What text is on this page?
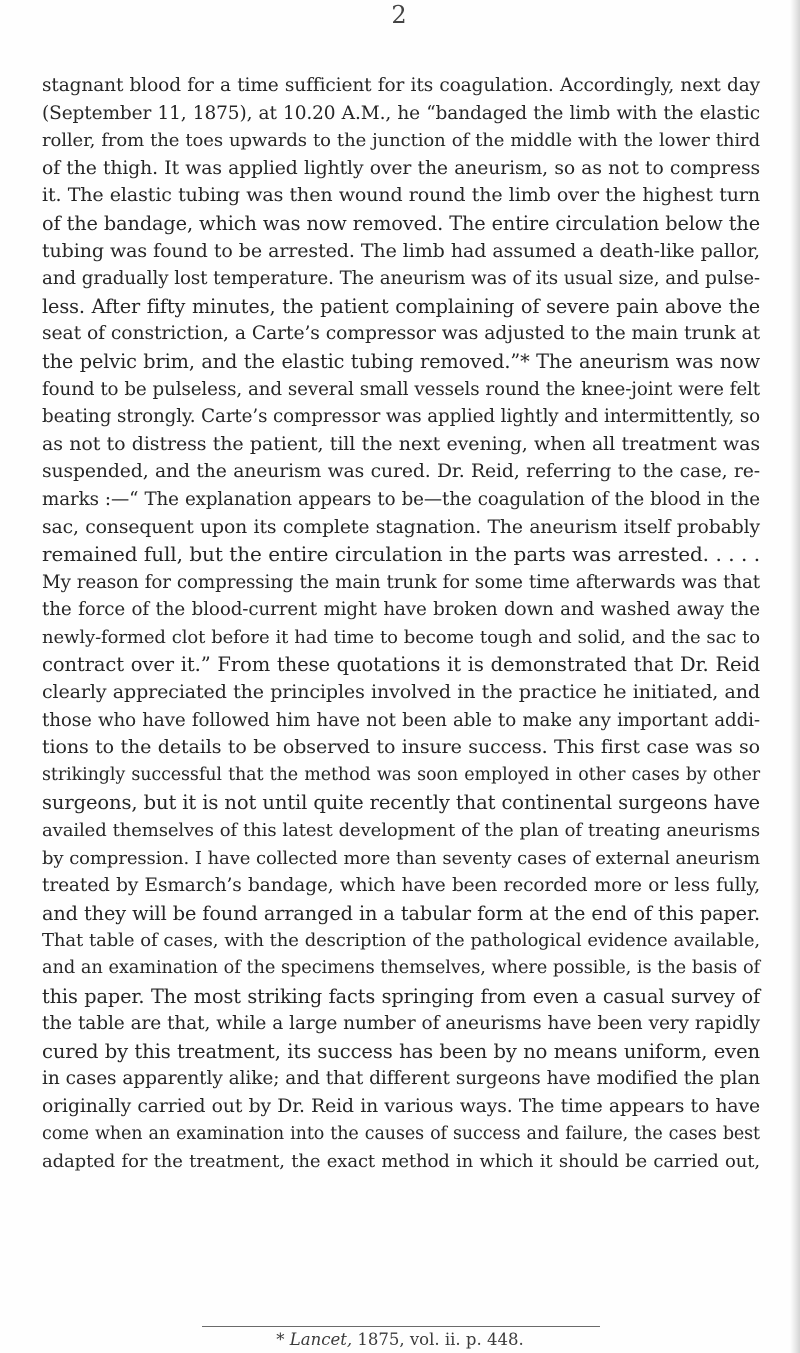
2
stagnant blood for a time sufficient for its coagulation. Accordingly, next day
(September 11, 1875), at 10.20 A.M., he “bandaged the limb with the elastic
roller, from the toes upwards to the junction of the middle with the lower third
of the thigh. It was applied lightly over the aneurism, so as not to compress
it. The elastic tubing was then wound round the limb over the highest turn
of the bandage, which was now removed. The entire circulation below the
tubing was found to be arrested. The limb had assumed a death-like pallor,
and gradually lost temperature. The aneurism was of its usual size, and pulse-
less. After fifty minutes, the patient complaining of severe pain above the
seat of constriction, a Carte’s compressor was adjusted to the main trunk at
the pelvic brim, and the elastic tubing removed.”* The aneurism was now
found to be pulseless, and several small vessels round the knee-joint were felt
beating strongly. Carte’s compressor was applied lightly and intermittently, so
as not to distress the patient, till the next evening, when all treatment was
suspended, and the aneurism was cured. Dr. Reid, referring to the case, re-
marks :—“ The explanation appears to be—the coagulation of the blood in the
sac, consequent upon its complete stagnation. The aneurism itself probably
remained full, but the entire circulation in the parts was arrested. . . . .
My reason for compressing the main trunk for some time afterwards was that
the force of the blood-current might have broken down and washed away the
newly-formed clot before it had time to become tough and solid, and the sac to
contract over it.” From these quotations it is demonstrated that Dr. Reid
clearly appreciated the principles involved in the practice he initiated, and
those who have followed him have not been able to make any important addi-
tions to the details to be observed to insure success. This first case was so
strikingly successful that the method was soon employed in other cases by other
surgeons, but it is not until quite recently that continental surgeons have
availed themselves of this latest development of the plan of treating aneurisms
by compression. I have collected more than seventy cases of external aneurism
treated by Esmarch’s bandage, which have been recorded more or less fully,
and they will be found arranged in a tabular form at the end of this paper.
That table of cases, with the description of the pathological evidence available,
and an examination of the specimens themselves, where possible, is the basis of
this paper. The most striking facts springing from even a casual survey of
the table are that, while a large number of aneurisms have been very rapidly
cured by this treatment, its success has been by no means uniform, even
in cases apparently alike; and that different surgeons have modified the plan
originally carried out by Dr. Reid in various ways. The time appears to have
come when an examination into the causes of success and failure, the cases best
adapted for the treatment, the exact method in which it should be carried out,
* Lancet, 1875, vol. ii. p. 448.
